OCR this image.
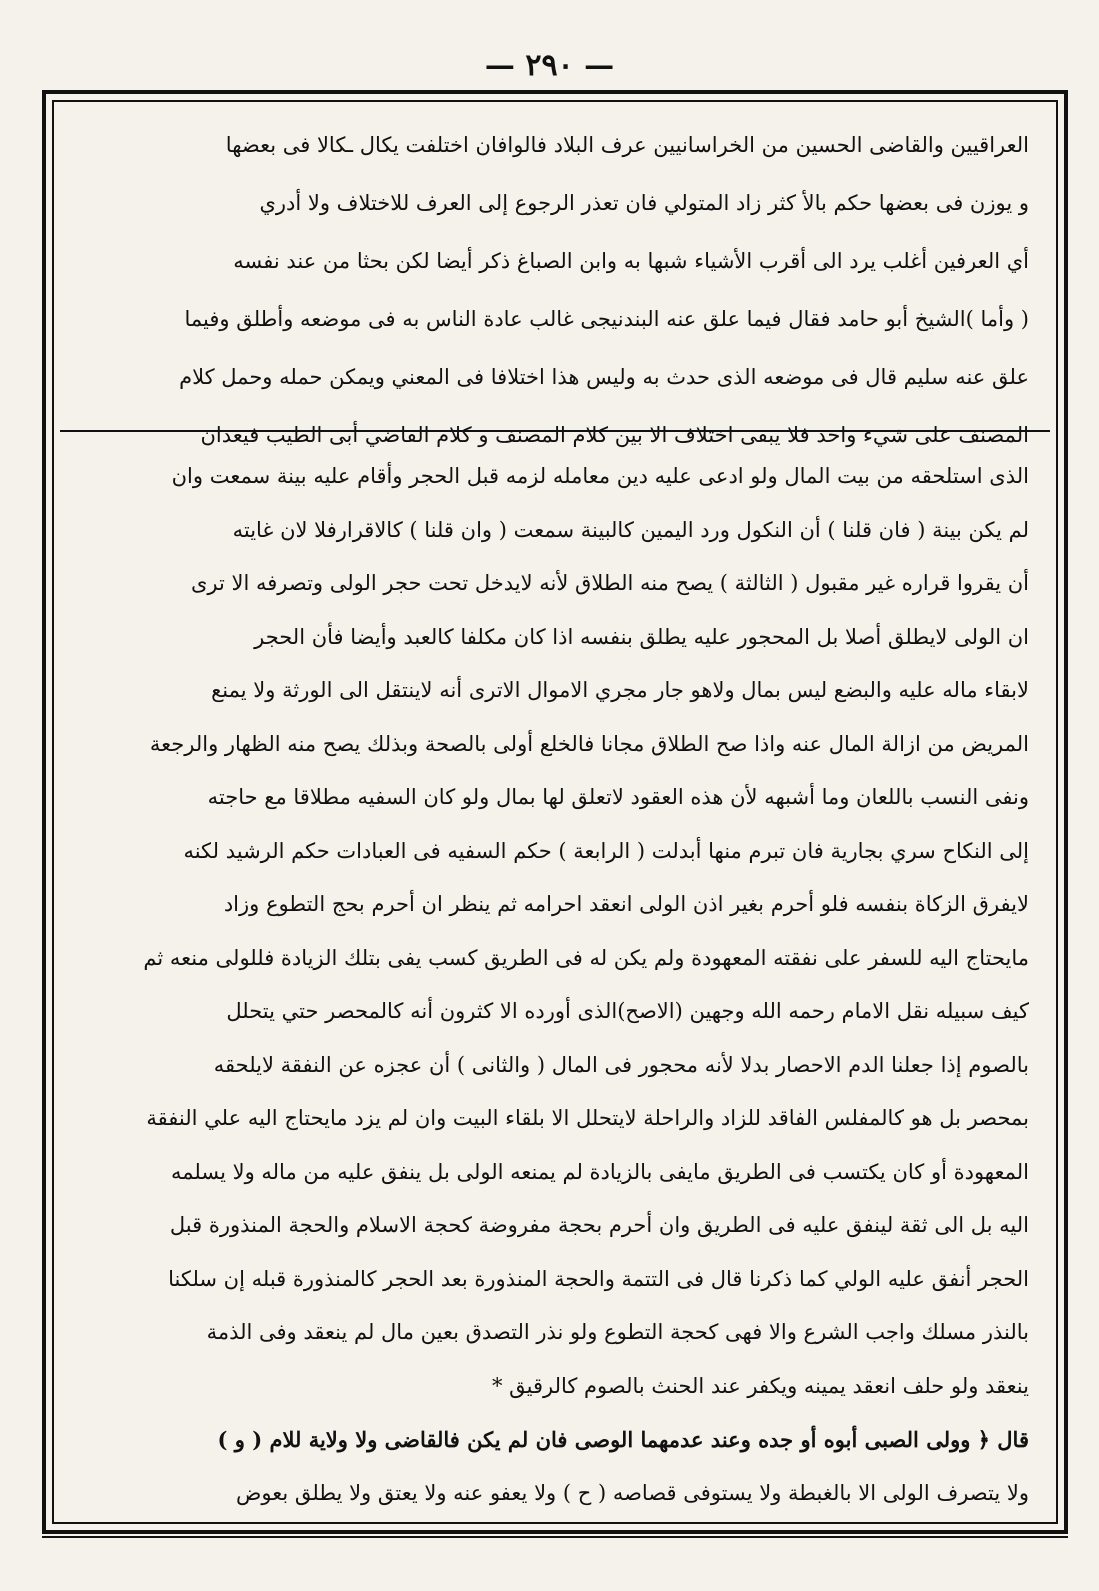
— ٢٩٠ —
العراقيين والقاضى الحسين من الخراسانيين عرف البلاد فالوافان اختلفت يكال ـكالا فى بعضها
و يوزن فى بعضها حكم بالأ كثر زاد المتولي فان تعذر الرجوع إلى العرف للاختلاف ولا أدري
أي العرفين أغلب يرد الى أقرب الأشياء شبها به وابن الصباغ ذكر أيضا لكن بحثا من عند نفسه
( وأما )الشيخ أبو حامد فقال فيما علق عنه البندنيجى غالب عادة الناس به فى موضعه وأطلق وفيما
علق عنه سليم قال فى موضعه الذى حدث به وليس هذا اختلافا فى المعني ويمكن حمله وحمل كلام
المصنف على شيء واحد فلا يبقى اختلاف الا بين كلام المصنف و كلام القاضي أبى الطيب فيعدان
الذى استلحقه من بيت المال ولو ادعى عليه دين معامله لزمه قبل الحجر وأقام عليه بينة سمعت وان
لم يكن بينة ( فان قلنا ) أن النكول ورد اليمين كالبينة سمعت ( وان قلنا ) كالاقرارفلا لان غايته
أن يقروا قراره غير مقبول ( الثالثة ) يصح منه الطلاق لأنه لايدخل تحت حجر الولى وتصرفه الا ترى
ان الولى لايطلق أصلا بل المحجور عليه يطلق بنفسه اذا كان مكلفا كالعبد وأيضا فأن الحجر
لابقاء ماله عليه والبضع ليس بمال ولاهو جار مجري الاموال الاترى أنه لاينتقل الى الورثة ولا يمنع
المريض من ازالة المال عنه واذا صح الطلاق مجانا فالخلع أولى بالصحة وبذلك يصح منه الظهار والرجعة
ونفى النسب باللعان وما أشبهه لأن هذه العقود لاتعلق لها بمال ولو كان السفيه مطلاقا مع حاجته
إلى النكاح سري بجارية فان تبرم منها أبدلت ( الرابعة ) حكم السفيه فى العبادات حكم الرشيد لكنه
لايفرق الزكاة بنفسه فلو أحرم بغير اذن الولى انعقد احرامه ثم ينظر ان أحرم بحج التطوع وزاد
مايحتاج اليه للسفر على نفقته المعهودة ولم يكن له فى الطريق كسب يفى بتلك الزيادة فللولى منعه ثم
كيف سبيله نقل الامام رحمه الله وجهين (الاصح)الذى أورده الا كثرون أنه كالمحصر حتي يتحلل
بالصوم إذا جعلنا الدم الاحصار بدلا لأنه محجور فى المال ( والثانى ) أن عجزه عن النفقة لايلحقه
بمحصر بل هو كالمفلس الفاقد للزاد والراحلة لايتحلل الا بلقاء البيت وان لم يزد مايحتاج اليه علي النفقة
المعهودة أو كان يكتسب فى الطريق مايفى بالزيادة لم يمنعه الولى بل ينفق عليه من ماله ولا يسلمه
اليه بل الى ثقة لينفق عليه فى الطريق وان أحرم بحجة مفروضة كحجة الاسلام والحجة المنذورة قبل
الحجر أنفق عليه الولي كما ذكرنا قال فى التتمة والحجة المنذورة بعد الحجر كالمنذورة قبله إن سلكنا
بالنذر مسلك واجب الشرع والا فهى كحجة التطوع ولو نذر التصدق بعين مال لم ينعقد وفى الذمة
ينعقد ولو حلف انعقد يمينه ويكفر عند الحنث بالصوم كالرقيق *
قال ﴿ وولى الصبى أبوه أو جده وعند عدمهما الوصى فان لم يكن فالقاضى ولا ولاية للام ( و )
ولا يتصرف الولى الا بالغبطة ولا يستوفى قصاصه ( ح ) ولا يعفو عنه ولا يعتق ولا يطلق بعوض
